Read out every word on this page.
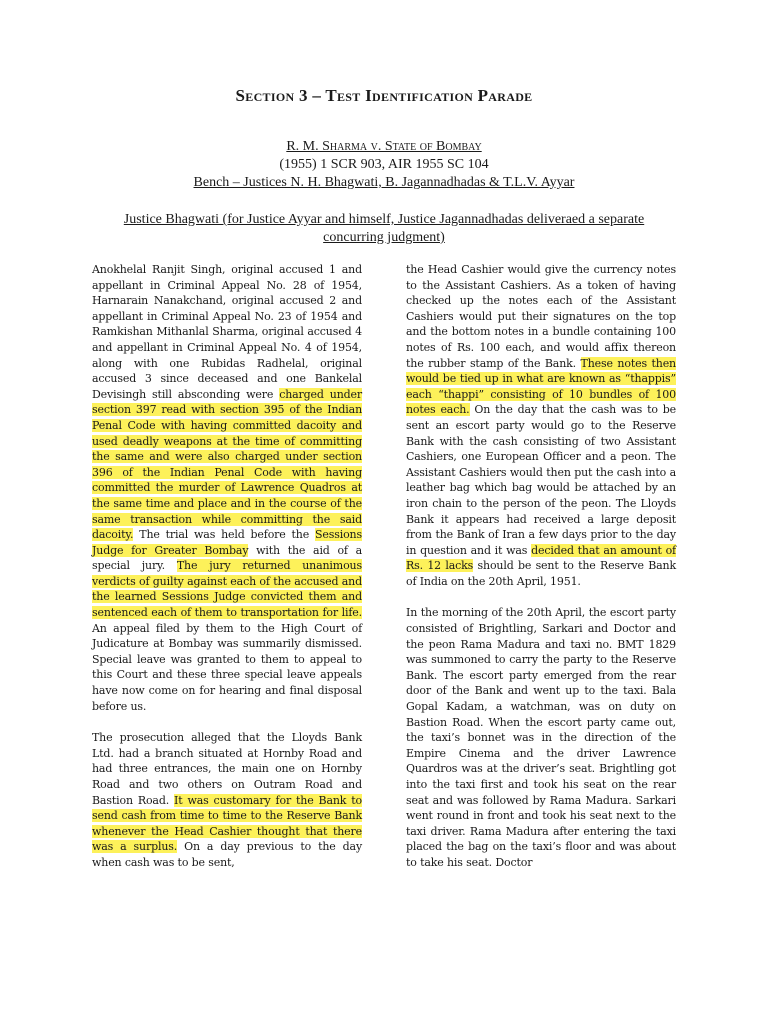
Section 3 – Test Identification Parade
R. M. Sharma v. State of Bombay
(1955) 1 SCR 903, AIR 1955 SC 104
Bench – Justices N. H. Bhagwati, B. Jagannadhadas & T.L.V. Ayyar
Justice Bhagwati (for Justice Ayyar and himself, Justice Jagannadhadas deliveraed a separate concurring judgment)

Anokhelal Ranjit Singh, original accused 1 and appellant in Criminal Appeal No. 28 of 1954, Harnarain Nanakchand, original accused 2 and appellant in Criminal Appeal No. 23 of 1954 and Ramkishan Mithanlal Sharma, original accused 4 and appellant in Criminal Appeal No. 4 of 1954, along with one Rubidas Radhelal, original accused 3 since deceased and one Bankelal Devisingh still absconding were charged under section 397 read with section 395 of the Indian Penal Code with having committed dacoity and used deadly weapons at the time of committing the same and were also charged under section 396 of the Indian Penal Code with having committed the murder of Lawrence Quadros at the same time and place and in the course of the same transaction while committing the said dacoity. The trial was held before the Sessions Judge for Greater Bombay with the aid of a special jury. The jury returned unanimous verdicts of guilty against each of the accused and the learned Sessions Judge convicted them and sentenced each of them to transportation for life. An appeal filed by them to the High Court of Judicature at Bombay was summarily dismissed. Special leave was granted to them to appeal to this Court and these three special leave appeals have now come on for hearing and final disposal before us.

The prosecution alleged that the Lloyds Bank Ltd. had a branch situated at Hornby Road and had three entrances, the main one on Hornby Road and two others on Outram Road and Bastion Road. It was customary for the Bank to send cash from time to time to the Reserve Bank whenever the Head Cashier thought that there was a surplus. On a day previous to the day when cash was to be sent,

the Head Cashier would give the currency notes to the Assistant Cashiers. As a token of having checked up the notes each of the Assistant Cashiers would put their signatures on the top and the bottom notes in a bundle containing 100 notes of Rs. 100 each, and would affix thereon the rubber stamp of the Bank. These notes then would be tied up in what are known as “thappis” each “thappi” consisting of 10 bundles of 100 notes each. On the day that the cash was to be sent an escort party would go to the Reserve Bank with the cash consisting of two Assistant Cashiers, one European Officer and a peon. The Assistant Cashiers would then put the cash into a leather bag which bag would be attached by an iron chain to the person of the peon. The Lloyds Bank it appears had received a large deposit from the Bank of Iran a few days prior to the day in question and it was decided that an amount of Rs. 12 lacks should be sent to the Reserve Bank of India on the 20th April, 1951.

In the morning of the 20th April, the escort party consisted of Brightling, Sarkari and Doctor and the peon Rama Madura and taxi no. BMT 1829 was summoned to carry the party to the Reserve Bank. The escort party emerged from the rear door of the Bank and went up to the taxi. Bala Gopal Kadam, a watchman, was on duty on Bastion Road. When the escort party came out, the taxi’s bonnet was in the direction of the Empire Cinema and the driver Lawrence Quardros was at the driver’s seat. Brightling got into the taxi first and took his seat on the rear seat and was followed by Rama Madura. Sarkari went round in front and took his seat next to the taxi driver. Rama Madura after entering the taxi placed the bag on the taxi’s floor and was about to take his seat. Doctor
